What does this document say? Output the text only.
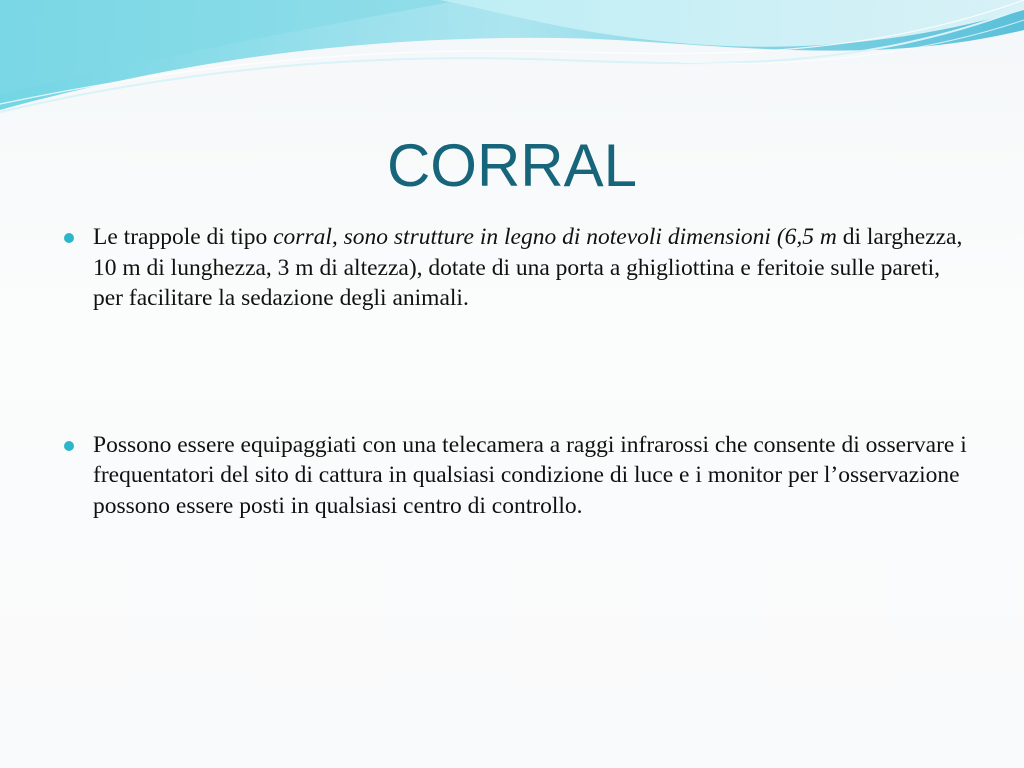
CORRAL
Le trappole di tipo corral, sono strutture in legno di notevoli dimensioni (6,5 m di larghezza, 10 m di lunghezza, 3 m di altezza), dotate di una porta a ghigliottina e feritoie sulle pareti, per facilitare la sedazione degli animali.
Possono essere equipaggiati con una telecamera a raggi infrarossi che consente di osservare i frequentatori del sito di cattura in qualsiasi condizione di luce e i monitor per l’osservazione possono essere posti in qualsiasi centro di controllo.
